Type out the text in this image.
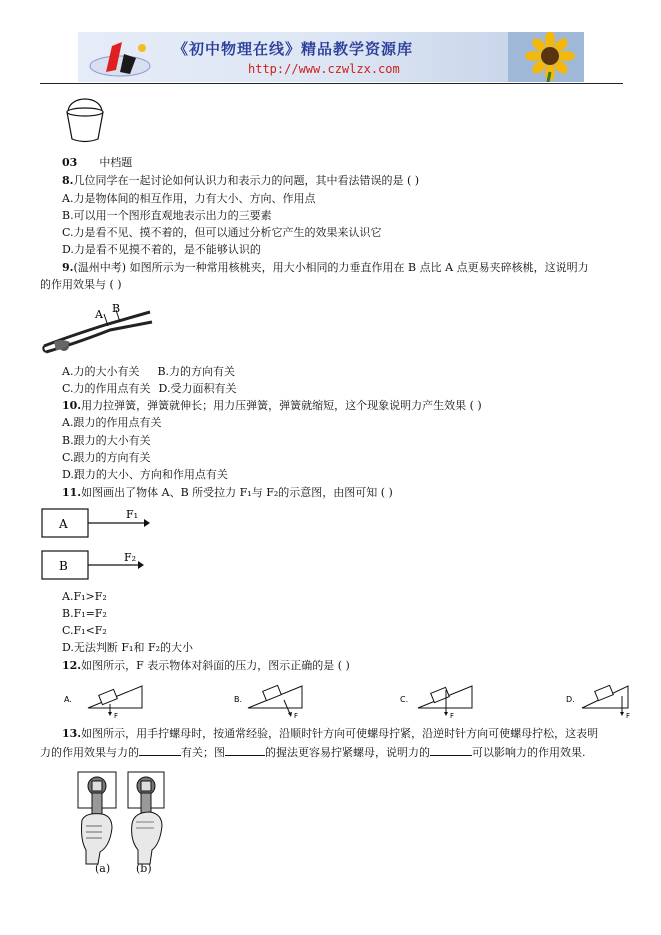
《初中物理在线》精品教学资源库
http://www.czwlzx.com
03 中档题
8.几位同学在一起讨论如何认识力和表示力的问题，其中看法错误的是 ( )
A.力是物体间的相互作用，力有大小、方向、作用点
B.可以用一个图形直观地表示出力的三要素
C.力是看不见、摸不着的，但可以通过分析它产生的效果来认识它
D.力是看不见摸不着的，是不能够认识的
9.(温州中考) 如图所示为一种常用核桃夹，用大小相同的力垂直作用在 B 点比 A 点更易夹碎核桃，这说明力
的作用效果与 ( )
A B
A.力的大小有关 B.力的方向有关
C.力的作用点有关 D.受力面积有关
10.用力拉弹簧，弹簧就伸长；用力压弹簧，弹簧就缩短，这个现象说明力产生效果 ( )
A.跟力的作用点有关
B.跟力的大小有关
C.跟力的方向有关
D.跟力的大小、方向和作用点有关
11.如图画出了物体 A、B 所受拉力 F₁与 F₂的示意图，由图可知 ( )
A
F₁
B
F₂
A.F₁>F₂
B.F₁=F₂
C.F₁<F₂
D.无法判断 F₁和 F₂的大小
12.如图所示，F 表示物体对斜面的压力，图示正确的是 ( )
A.
F
B.
F
C.
F
D.
F
13.如图所示，用手拧螺母时，按通常经验，沿顺时针方向可使螺母拧紧，沿逆时针方向可使螺母拧松，这表明
力的作用效果与力的	有关；图	的握法更容易拧紧螺母，说明力的	可以影响力的作用效果.
(a) (b)
